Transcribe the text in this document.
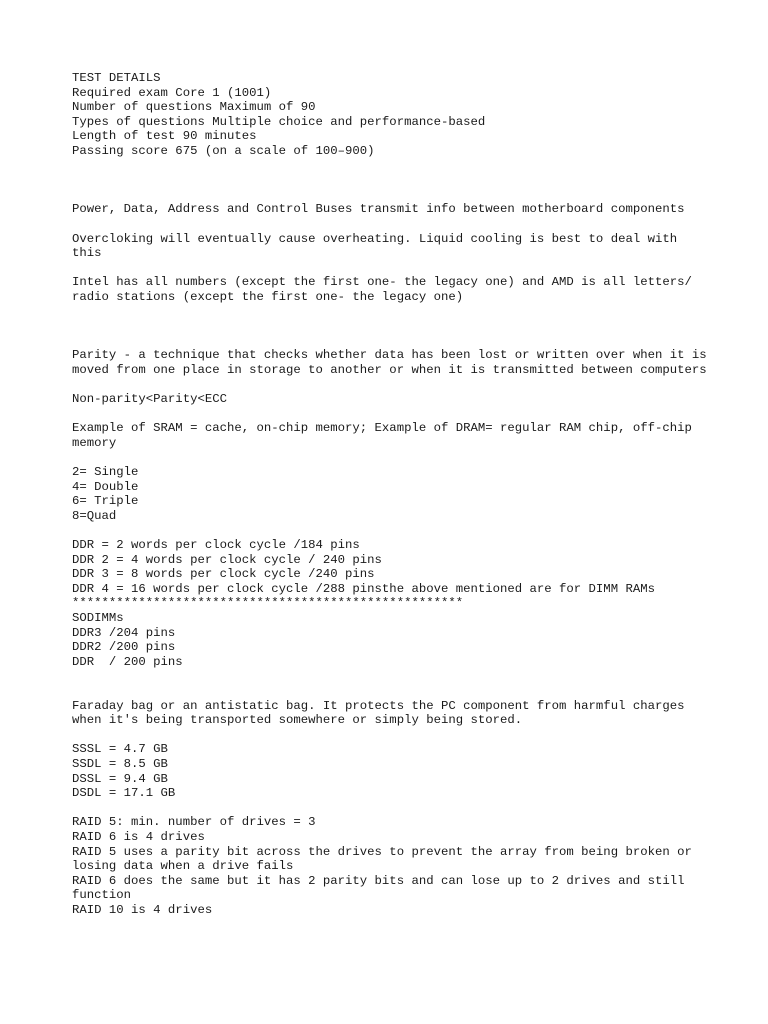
TEST DETAILS
Required exam Core 1 (1001)
Number of questions Maximum of 90
Types of questions Multiple choice and performance-based
Length of test 90 minutes
Passing score 675 (on a scale of 100–900)
Power, Data, Address and Control Buses transmit info between motherboard components
Overcloking will eventually cause overheating. Liquid cooling is best to deal with this
Intel has all numbers (except the first one- the legacy one) and AMD is all letters/ radio stations (except the first one- the legacy one)
Parity - a technique that checks whether data has been lost or written over when it is moved from one place in storage to another or when it is transmitted between computers
Non-parity<Parity<ECC
Example of SRAM = cache, on-chip memory; Example of DRAM= regular RAM chip, off-chip memory
2= Single
4= Double
6= Triple
8=Quad
DDR = 2 words per clock cycle /184 pins
DDR 2 = 4 words per clock cycle / 240 pins
DDR 3 = 8 words per clock cycle /240 pins
DDR 4 = 16 words per clock cycle /288 pinsthe above mentioned are for DIMM RAMs
*****************************************************
SODIMMs
DDR3 /204 pins
DDR2 /200 pins
DDR  / 200 pins
Faraday bag or an antistatic bag. It protects the PC component from harmful charges when it's being transported somewhere or simply being stored.
SSSL = 4.7 GB
SSDL = 8.5 GB
DSSL = 9.4 GB
DSDL = 17.1 GB
RAID 5: min. number of drives = 3
RAID 6 is 4 drives
RAID 5 uses a parity bit across the drives to prevent the array from being broken or losing data when a drive fails
RAID 6 does the same but it has 2 parity bits and can lose up to 2 drives and still function
RAID 10 is 4 drives
